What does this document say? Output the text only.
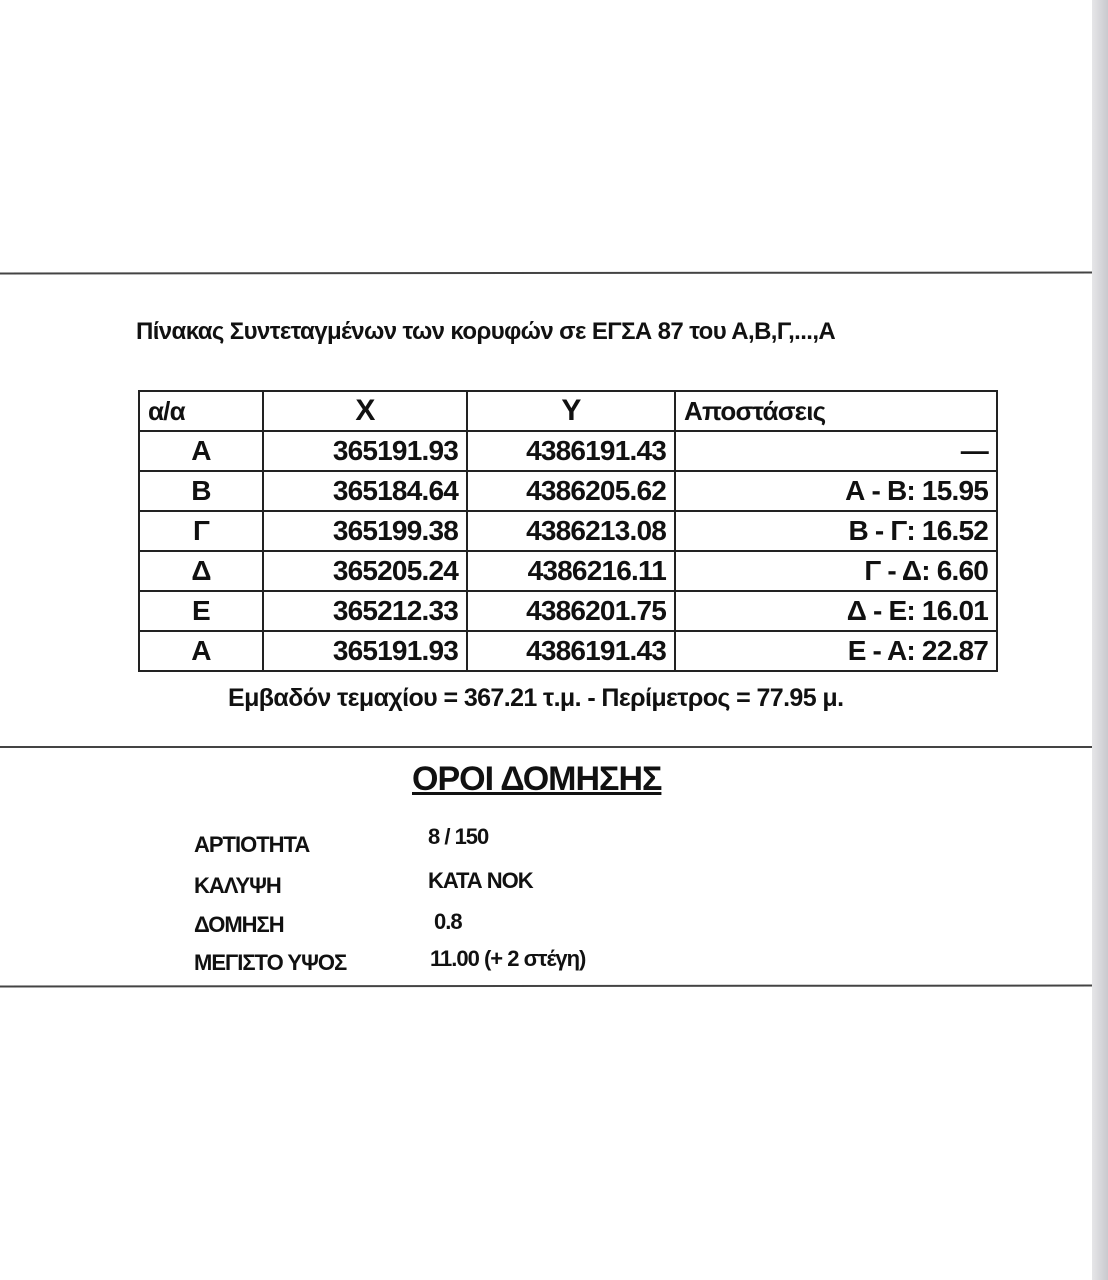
Πίνακας Συντεταγμένων των κορυφών σε ΕΓΣΑ 87 του Α,Β,Γ,...,Α
α/α	Χ	Υ	Αποστάσεις
Α	365191.93	4386191.43	—
Β	365184.64	4386205.62	Α - Β: 15.95
Γ	365199.38	4386213.08	Β - Γ: 16.52
Δ	365205.24	4386216.11	Γ - Δ: 6.60
Ε	365212.33	4386201.75	Δ - Ε: 16.01
Α	365191.93	4386191.43	Ε - Α: 22.87
Εμβαδόν τεμαχίου = 367.21 τ.μ. - Περίμετρος = 77.95 μ.
ΟΡΟΙ ΔΟΜΗΣΗΣ
ΑΡΤΙΟΤΗΤΑ	8 / 150
ΚΑΛΥΨΗ	ΚΑΤΑ ΝΟΚ
ΔΟΜΗΣΗ	0.8
ΜΕΓΙΣΤΟ ΥΨΟΣ	11.00 (+ 2 στέγη)
